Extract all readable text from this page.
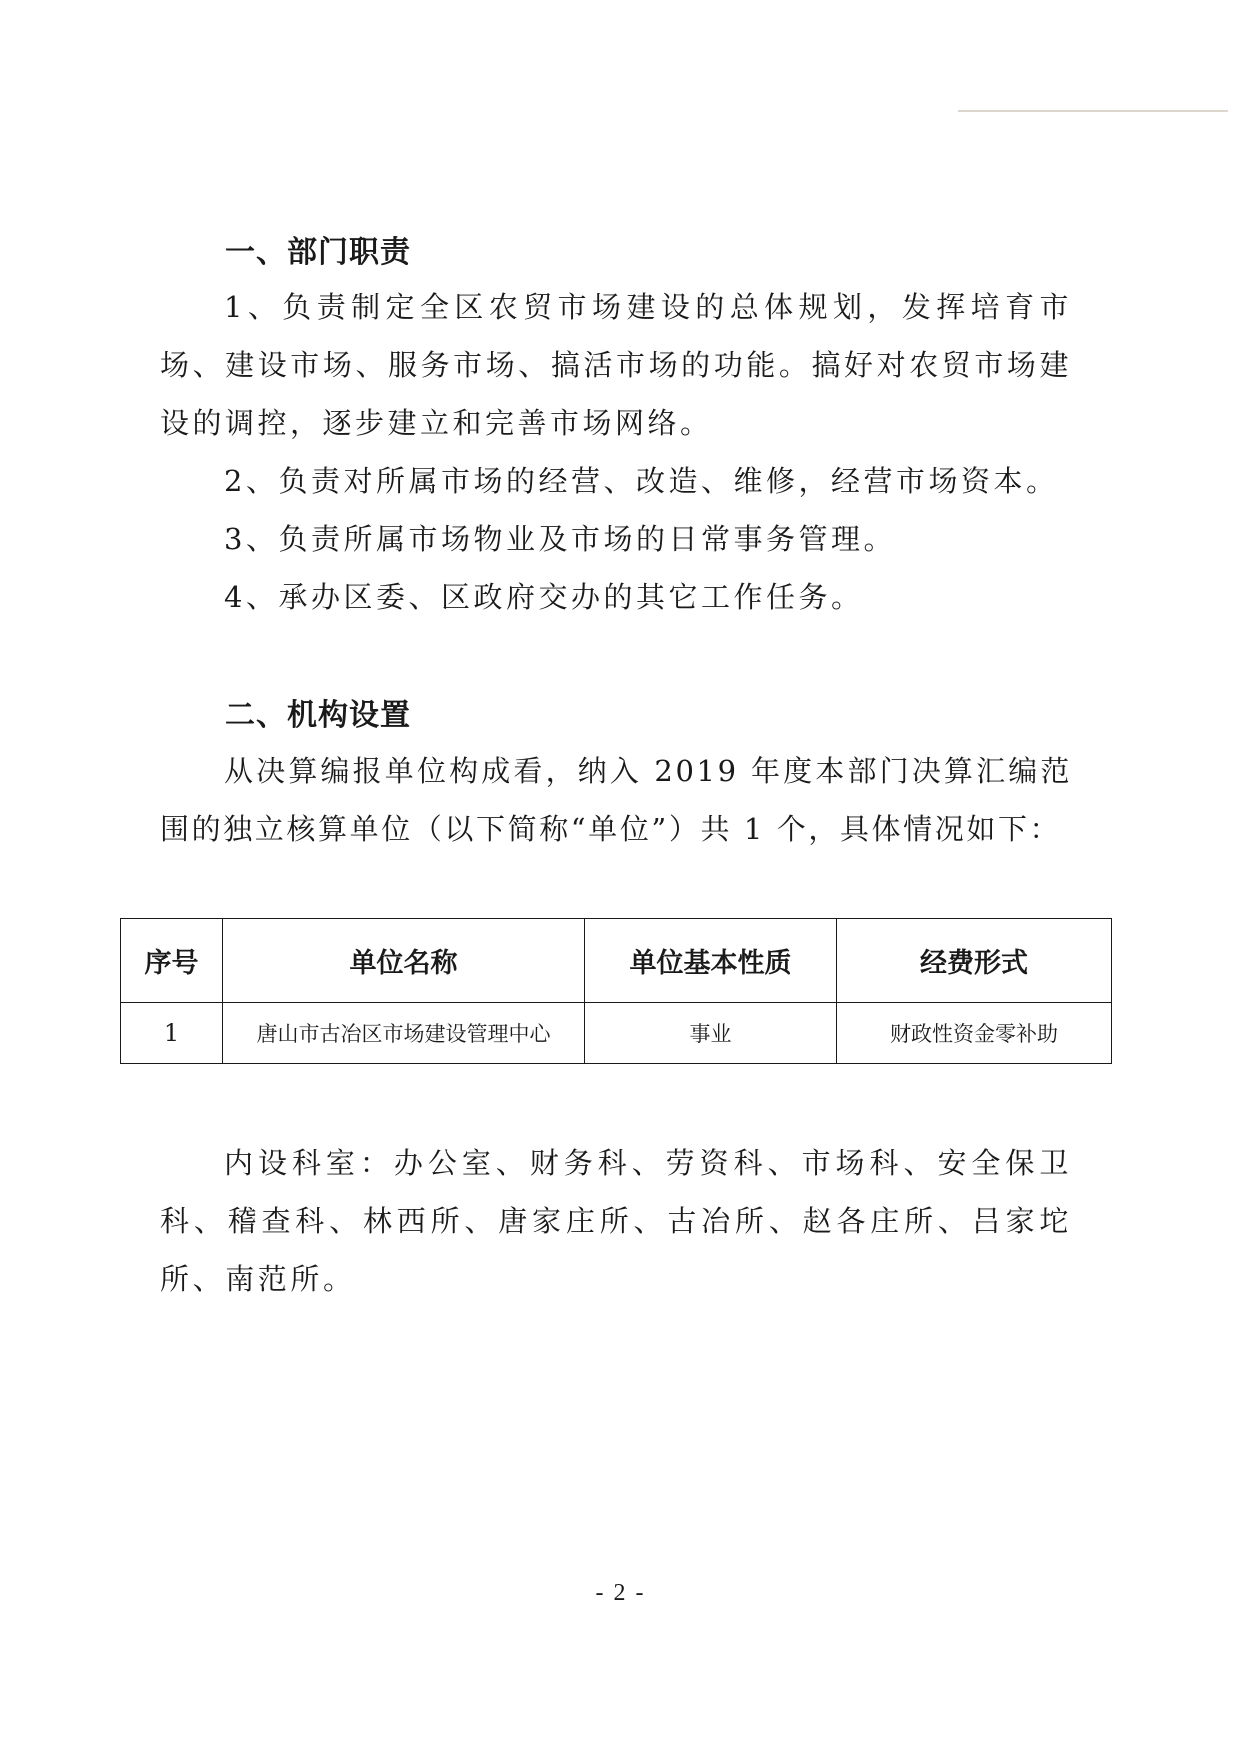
一、部门职责

1、负责制定全区农贸市场建设的总体规划，发挥培育市场、建设市场、服务市场、搞活市场的功能。搞好对农贸市场建设的调控，逐步建立和完善市场网络。

2、负责对所属市场的经营、改造、维修，经营市场资本。

3、负责所属市场物业及市场的日常事务管理。

4、承办区委、区政府交办的其它工作任务。

二、机构设置

从决算编报单位构成看，纳入 2019 年度本部门决算汇编范围的独立核算单位（以下简称“单位”）共 1 个，具体情况如下：

序号	单位名称	单位基本性质	经费形式
1	唐山市古冶区市场建设管理中心	事业	财政性资金零补助

内设科室：办公室、财务科、劳资科、市场科、安全保卫科、稽查科、林西所、唐家庄所、古冶所、赵各庄所、吕家坨所、南范所。

- 2 -
